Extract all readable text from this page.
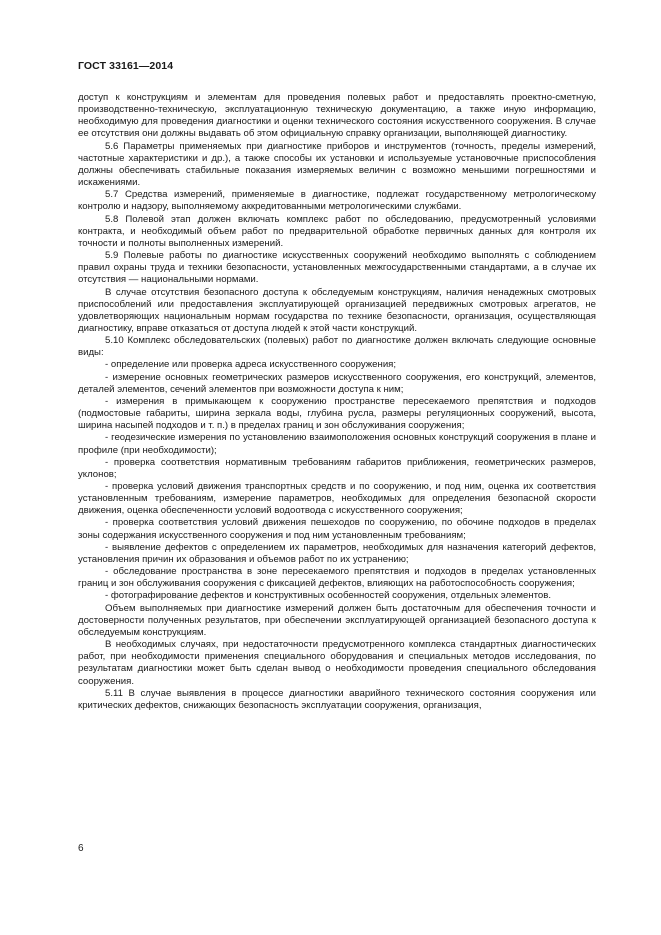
ГОСТ 33161—2014

доступ к конструкциям и элементам для проведения полевых работ и предоставлять проектно-сметную, производственно-техническую, эксплуатационную техническую документацию, а также иную информацию, необходимую для проведения диагностики и оценки технического состояния искусственного сооружения. В случае ее отсутствия они должны выдавать об этом официальную справку организации, выполняющей диагностику.

5.6 Параметры применяемых при диагностике приборов и инструментов (точность, пределы измерений, частотные характеристики и др.), а также способы их установки и используемые установочные приспособления должны обеспечивать стабильные показания измеряемых величин с возможно меньшими погрешностями и искажениями.

5.7 Средства измерений, применяемые в диагностике, подлежат государственному метрологическому контролю и надзору, выполняемому аккредитованными метрологическими службами.

5.8 Полевой этап должен включать комплекс работ по обследованию, предусмотренный условиями контракта, и необходимый объем работ по предварительной обработке первичных данных для контроля их точности и полноты выполненных измерений.

5.9 Полевые работы по диагностике искусственных сооружений необходимо выполнять с соблюдением правил охраны труда и техники безопасности, установленных межгосударственными стандартами, а в случае их отсутствия — национальными нормами.

В случае отсутствия безопасного доступа к обследуемым конструкциям, наличия ненадежных смотровых приспособлений или предоставления эксплуатирующей организацией передвижных смотровых агрегатов, не удовлетворяющих национальным нормам государства по технике безопасности, организация, осуществляющая диагностику, вправе отказаться от доступа людей к этой части конструкций.

5.10 Комплекс обследовательских (полевых) работ по диагностике должен включать следующие основные виды:

- определение или проверка адреса искусственного сооружения;

- измерение основных геометрических размеров искусственного сооружения, его конструкций, элементов, деталей элементов, сечений элементов при возможности доступа к ним;

- измерения в примыкающем к сооружению пространстве пересекаемого препятствия и подходов (подмостовые габариты, ширина зеркала воды, глубина русла, размеры регуляционных сооружений, высота, ширина насыпей подходов и т. п.) в пределах границ и зон обслуживания сооружения;

- геодезические измерения по установлению взаимоположения основных конструкций сооружения в плане и профиле (при необходимости);

- проверка соответствия нормативным требованиям габаритов приближения, геометрических размеров, уклонов;

- проверка условий движения транспортных средств и по сооружению, и под ним, оценка их соответствия установленным требованиям, измерение параметров, необходимых для определения безопасной скорости движения, оценка обеспеченности условий водоотвода с искусственного сооружения;

- проверка соответствия условий движения пешеходов по сооружению, по обочине подходов в пределах зоны содержания искусственного сооружения и под ним установленным требованиям;

- выявление дефектов с определением их параметров, необходимых для назначения категорий дефектов, установления причин их образования и объемов работ по их устранению;

- обследование пространства в зоне пересекаемого препятствия и подходов в пределах установленных границ и зон обслуживания сооружения с фиксацией дефектов, влияющих на работоспособность сооружения;

- фотографирование дефектов и конструктивных особенностей сооружения, отдельных элементов.

Объем выполняемых при диагностике измерений должен быть достаточным для обеспечения точности и достоверности полученных результатов, при обеспечении эксплуатирующей организацией безопасного доступа к обследуемым конструкциям.

В необходимых случаях, при недостаточности предусмотренного комплекса стандартных диагностических работ, при необходимости применения специального оборудования и специальных методов исследования, по результатам диагностики может быть сделан вывод о необходимости проведения специального обследования сооружения.

5.11 В случае выявления в процессе диагностики аварийного технического состояния сооружения или критических дефектов, снижающих безопасность эксплуатации сооружения, организация,

6
